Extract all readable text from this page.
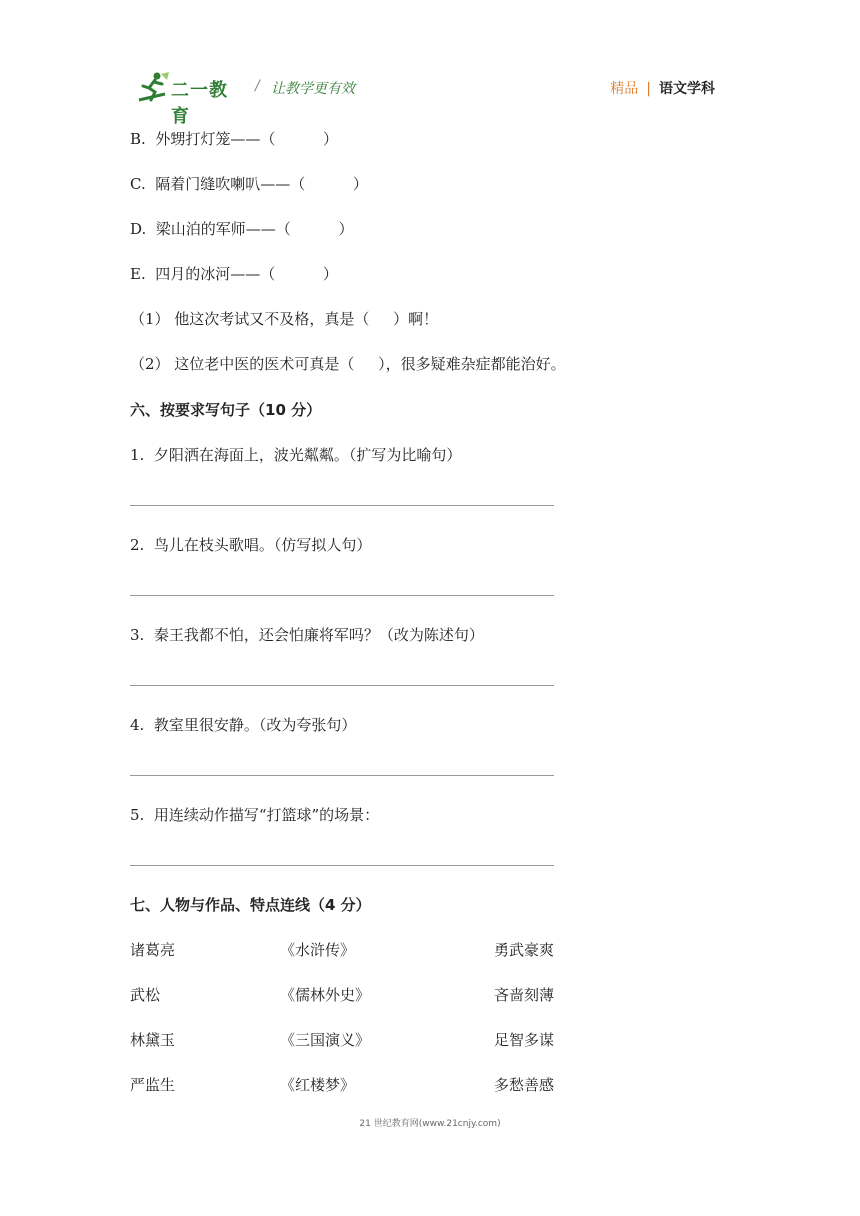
二一教育
/ 让教学更有效	精品 | 语文学科
B.  外甥打灯笼——（          ）
C.  隔着门缝吹喇叭——（          ）
D.  梁山泊的军师——（          ）
E.  四月的冰河——（          ）
（1） 他这次考试又不及格，真是（     ）啊！
（2） 这位老中医的医术可真是（     ），很多疑难杂症都能治好。
六、按要求写句子（10 分）
1.  夕阳洒在海面上，波光粼粼。（扩写为比喻句）
2.  鸟儿在枝头歌唱。（仿写拟人句）
3.  秦王我都不怕，还会怕廉将军吗？（改为陈述句）
4.  教室里很安静。（改为夸张句）
5.  用连续动作描写“打篮球”的场景：
七、人物与作品、特点连线（4 分）
诸葛亮	《水浒传》	勇武豪爽
武松	《儒林外史》	吝啬刻薄
林黛玉	《三国演义》	足智多谋
严监生	《红楼梦》	多愁善感
21 世纪教育网(www.21cnjy.com)
